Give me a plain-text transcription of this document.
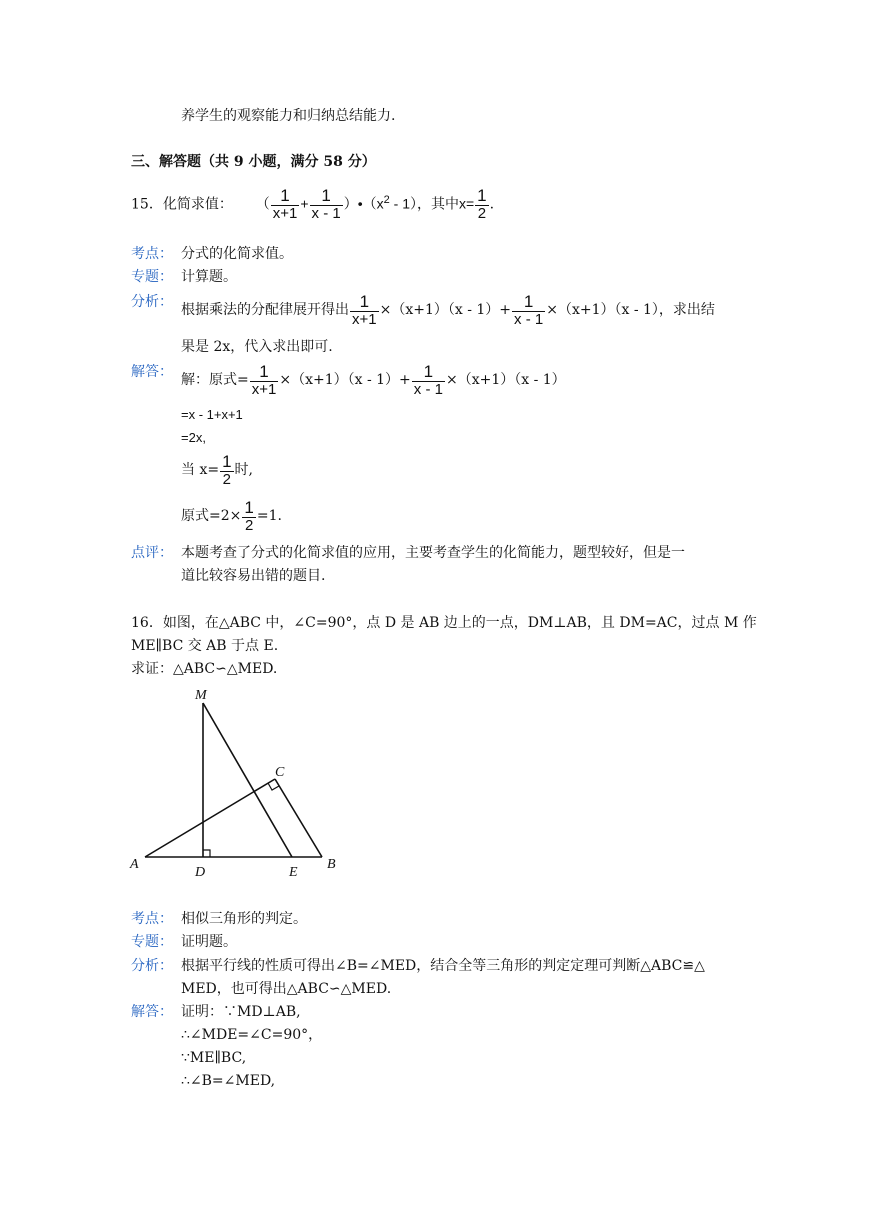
养学生的观察能力和归纳总结能力.
三、解答题（共 9 小题，满分 58 分）
15．化简求值： （ $\frac{1}{x+1} + \frac{1}{x - 1}$ ）$•(x^2 - 1)$，其中$x= \frac{1}{2}$ .
考点： 分式的化简求值。
专题： 计算题。
分析： 根据乘法的分配律展开得出 $\frac{1}{x+1} \times(x+1)(x - 1)+ \frac{1}{x - 1} \times(x+1)(x - 1)$，求出结
果是 2x，代入求出即可.
解答： 解：原式= $\frac{1}{x+1} \times(x+1)(x - 1)+ \frac{1}{x - 1} \times(x+1)(x - 1)$
=x - 1+x+1
=2x,
当 $x= \frac{1}{2}$ 时,
原式$=2\times \frac{1}{2} =1$.
点评： 本题考查了分式的化简求值的应用，主要考查学生的化简能力，题型较好，但是一
道比较容易出错的题目.
16．如图，在△ABC 中，∠C=90°，点 D 是 AB 边上的一点，DM⊥AB，且 DM=AC，过点 M 作
ME∥BC 交 AB 于点 E.
求证：△ABC∽△MED.
M
C
A
D	E
B
考点： 相似三角形的判定。
专题： 证明题。
分析： 根据平行线的性质可得出∠B=∠MED，结合全等三角形的判定定理可判断△ABC≌△
MED，也可得出△ABC∽△MED.
解答： 证明：∵MD⊥AB,
∴∠MDE=∠C=90°，
∵ME∥BC,
∴∠B=∠MED,
